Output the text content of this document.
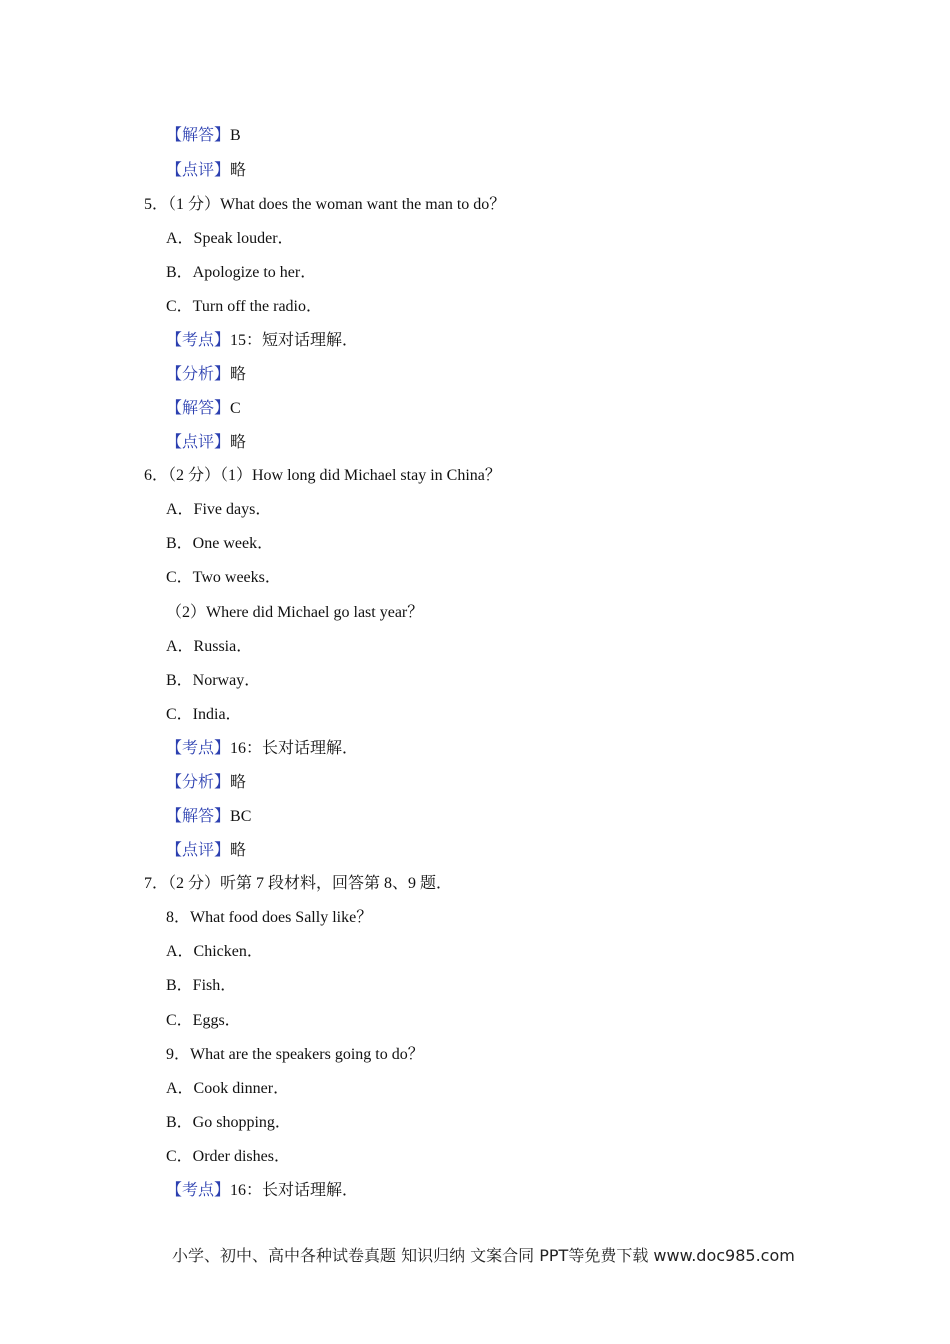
【解答】B
【点评】略
5．（1 分）What does the woman want the man to do？
A．Speak louder．
B．Apologize to her．
C．Turn off the radio．
【考点】15：短对话理解．
【分析】略
【解答】C
【点评】略
6．（2 分）（1）How long did Michael stay in China？
A．Five days．
B．One week．
C．Two weeks．
（2）Where did Michael go last year？
A．Russia．
B．Norway．
C．India．
【考点】16：长对话理解．
【分析】略
【解答】BC
【点评】略
7．（2 分）听第 7 段材料，回答第 8、9 题．
8．What food does Sally like？
A．Chicken．
B．Fish．
C．Eggs．
9．What are the speakers going to do？
A．Cook dinner．
B．Go shopping．
C．Order dishes．
【考点】16：长对话理解．
小学、初中、高中各种试卷真题 知识归纳 文案合同 PPT等免费下载 www.doc985.com
